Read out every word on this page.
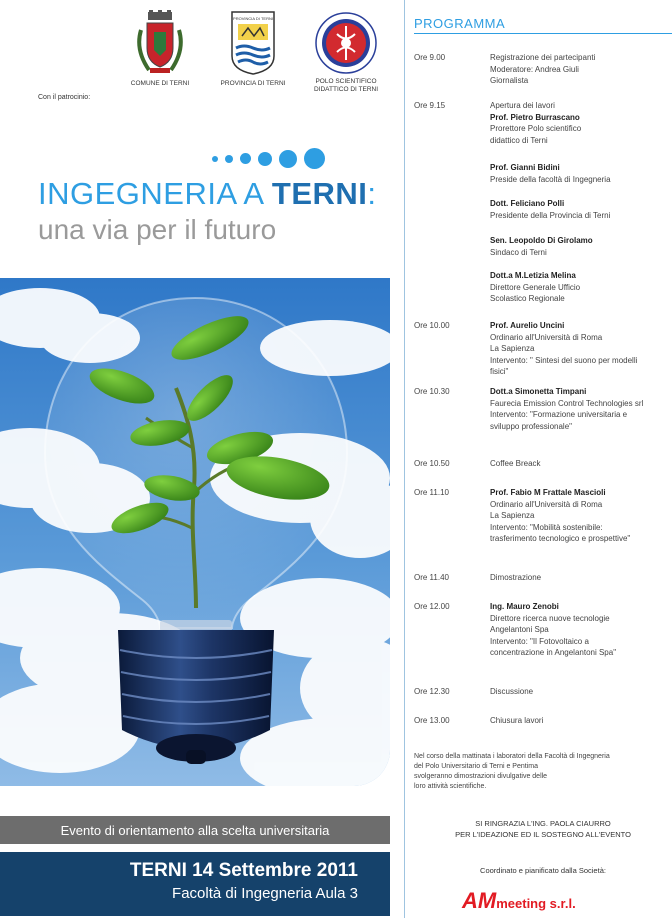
Con il patrocinio:
COMUNE DI TERNI
PROVINCIA DI TERNI
PROVINCIA DI TERNI	POLO SCIENTIFICO
DIDATTICO DI TERNI
INGEGNERIA A TERNI:
una via per il futuro
Evento di orientamento alla scelta universitaria
TERNI 14 Settembre 2011
Facoltà di Ingegneria Aula 3
PROGRAMMA
Ore 9.00	Registrazione dei partecipanti
Moderatore: Andrea Giuli
Giornalista
Ore 9.15	Apertura dei lavori
Prof. Pietro Burrascano
Prorettore Polo scientifico
didattico di Terni
Prof. Gianni Bidini
Preside della facoltà di Ingegneria
Dott. Feliciano Polli
Presidente della Provincia di Terni
Sen. Leopoldo Di Girolamo
Sindaco di Terni
Dott.a M.Letizia Melina
Direttore Generale Ufficio
Scolastico Regionale
Ore 10.00	Prof. Aurelio Uncini
Ordinario all'Università di Roma
La Sapienza
Intervento: " Sintesi del suono per modelli
fisici"
Ore 10.30	Dott.a Simonetta Timpani
Faurecia Emission Control Technologies srl
Intervento: "Formazione universitaria e
sviluppo professionale"
Ore 10.50	Coffee Breack
Ore 11.10	Prof. Fabio M Frattale Mascioli
Ordinario all'Università di Roma
La Sapienza
Intervento: "Mobilità sostenibile:
trasferimento tecnologico e prospettive"
Ore 11.40	Dimostrazione
Ore 12.00	Ing. Mauro Zenobi
Direttore ricerca nuove tecnologie
Angelantoni Spa
Intervento: "Il Fotovoltaico a
concentrazione in Angelantoni Spa"
Ore 12.30	Discussione
Ore 13.00	Chiusura lavori
Nel corso della mattinata i laboratori della Facoltà di Ingegneria
del Polo Universitario di Terni e Pentima
svolgeranno dimostrazioni divulgative delle
loro attività scientifiche.
SI RINGRAZIA L'ING. PAOLA CIAURRO
PER L'IDEAZIONE ED IL SOSTEGNO ALL'EVENTO
Coordinato e pianificato dalla Società:
AMmeeting s.r.l.
